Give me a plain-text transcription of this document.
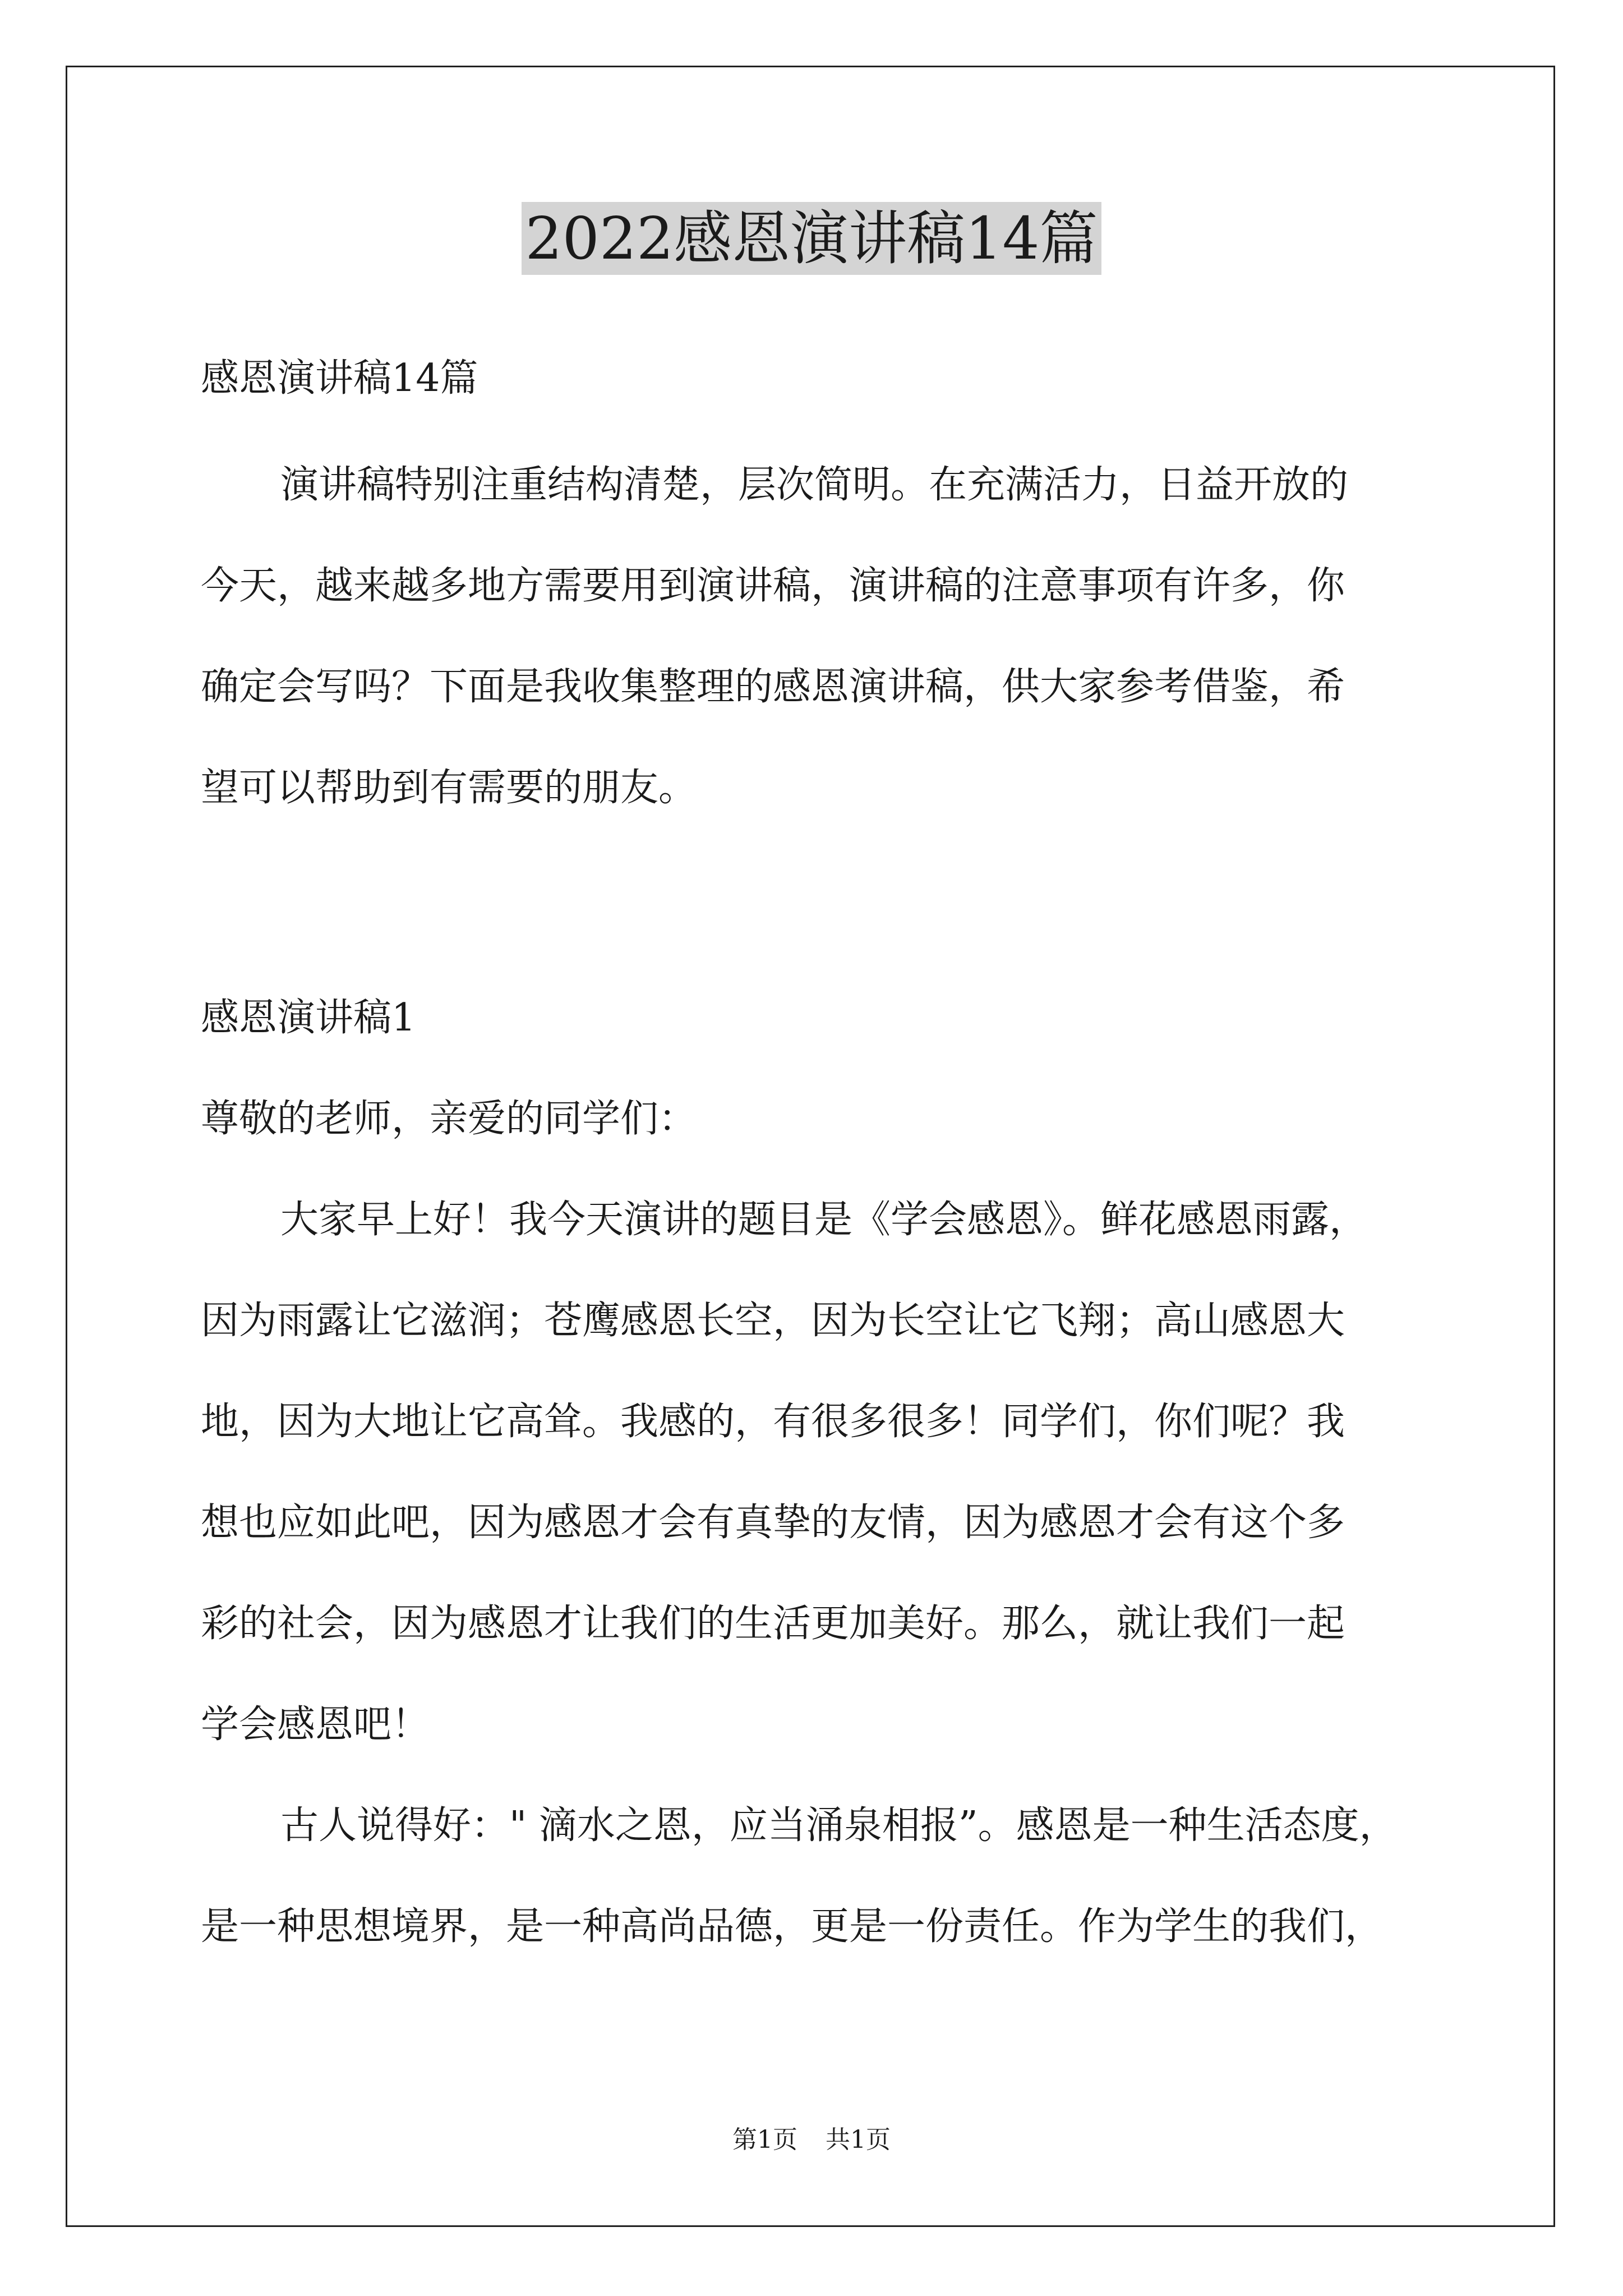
2022感恩演讲稿14篇
感恩演讲稿14篇
演讲稿特别注重结构清楚，层次简明。在充满活力，日益开放的
今天，越来越多地方需要用到演讲稿，演讲稿的注意事项有许多，你
确定会写吗？下面是我收集整理的感恩演讲稿，供大家参考借鉴，希
望可以帮助到有需要的朋友。
感恩演讲稿1
尊敬的老师，亲爱的同学们：
大家早上好！我今天演讲的题目是《学会感恩》。鲜花感恩雨露，
因为雨露让它滋润；苍鹰感恩长空，因为长空让它飞翔；高山感恩大
地，因为大地让它高耸。我感的，有很多很多！同学们，你们呢？我
想也应如此吧，因为感恩才会有真挚的友情，因为感恩才会有这个多
彩的社会，因为感恩才让我们的生活更加美好。那么，就让我们一起
学会感恩吧！
古人说得好：" 滴水之恩，应当涌泉相报”。感恩是一种生活态度，
是一种思想境界，是一种高尚品德，更是一份责任。作为学生的我们，
第1页 共1页
